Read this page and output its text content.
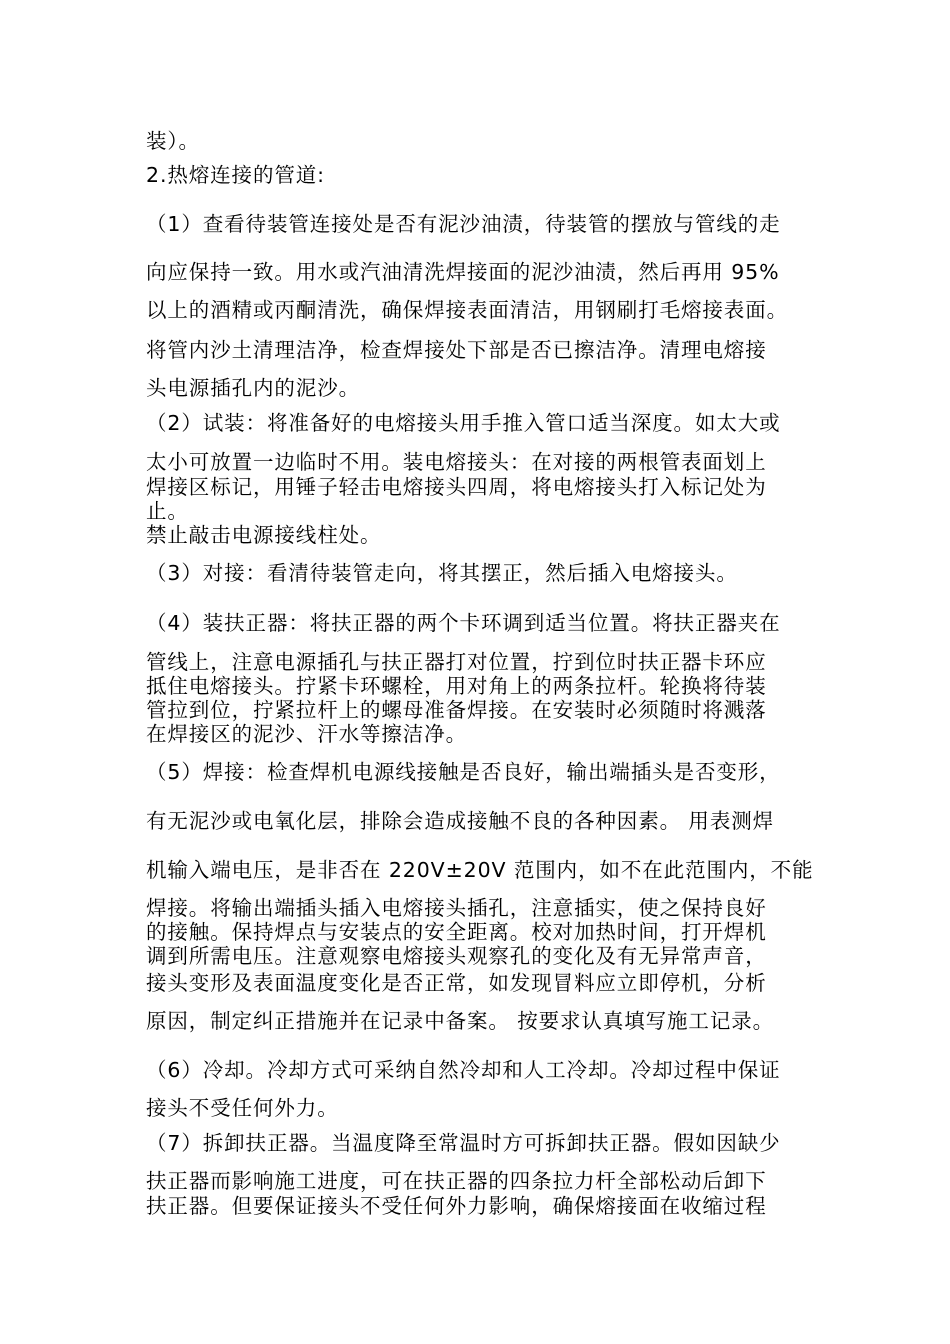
装）。
2.热熔连接的管道:
（1）查看待装管连接处是否有泥沙油渍，待装管的摆放与管线的走
向应保持一致。用水或汽油清洗焊接面的泥沙油渍，然后再用 95%
以上的酒精或丙酮清洗，确保焊接表面清洁，用钢刷打毛熔接表面。
将管内沙土清理洁净，检查焊接处下部是否已擦洁净。清理电熔接
头电源插孔内的泥沙。
（2）试装：将准备好的电熔接头用手推入管口适当深度。如太大或
太小可放置一边临时不用。装电熔接头：在对接的两根管表面划上
焊接区标记，用锤子轻击电熔接头四周，将电熔接头打入标记处为
止。
禁止敲击电源接线柱处。
（3）对接：看清待装管走向，将其摆正，然后插入电熔接头。
（4）装扶正器：将扶正器的两个卡环调到适当位置。将扶正器夹在
管线上，注意电源插孔与扶正器打对位置，拧到位时扶正器卡环应
抵住电熔接头。拧紧卡环螺栓，用对角上的两条拉杆。轮换将待装
管拉到位，拧紧拉杆上的螺母准备焊接。在安装时必须随时将溅落
在焊接区的泥沙、汗水等擦洁净。
（5）焊接：检查焊机电源线接触是否良好，输出端插头是否变形，
有无泥沙或电氧化层，排除会造成接触不良的各种因素。 用表测焊
机输入端电压，是非否在 220V±20V 范围内，如不在此范围内，不能
焊接。将输出端插头插入电熔接头插孔，注意插实，使之保持良好
的接触。保持焊点与安装点的安全距离。校对加热时间，打开焊机
调到所需电压。注意观察电熔接头观察孔的变化及有无异常声音，
接头变形及表面温度变化是否正常，如发现冒料应立即停机，分析
原因，制定纠正措施并在记录中备案。 按要求认真填写施工记录。
（6）冷却。冷却方式可采纳自然冷却和人工冷却。冷却过程中保证
接头不受任何外力。
（7）拆卸扶正器。当温度降至常温时方可拆卸扶正器。假如因缺少
扶正器而影响施工进度，可在扶正器的四条拉力杆全部松动后卸下
扶正器。但要保证接头不受任何外力影响，确保熔接面在收缩过程
